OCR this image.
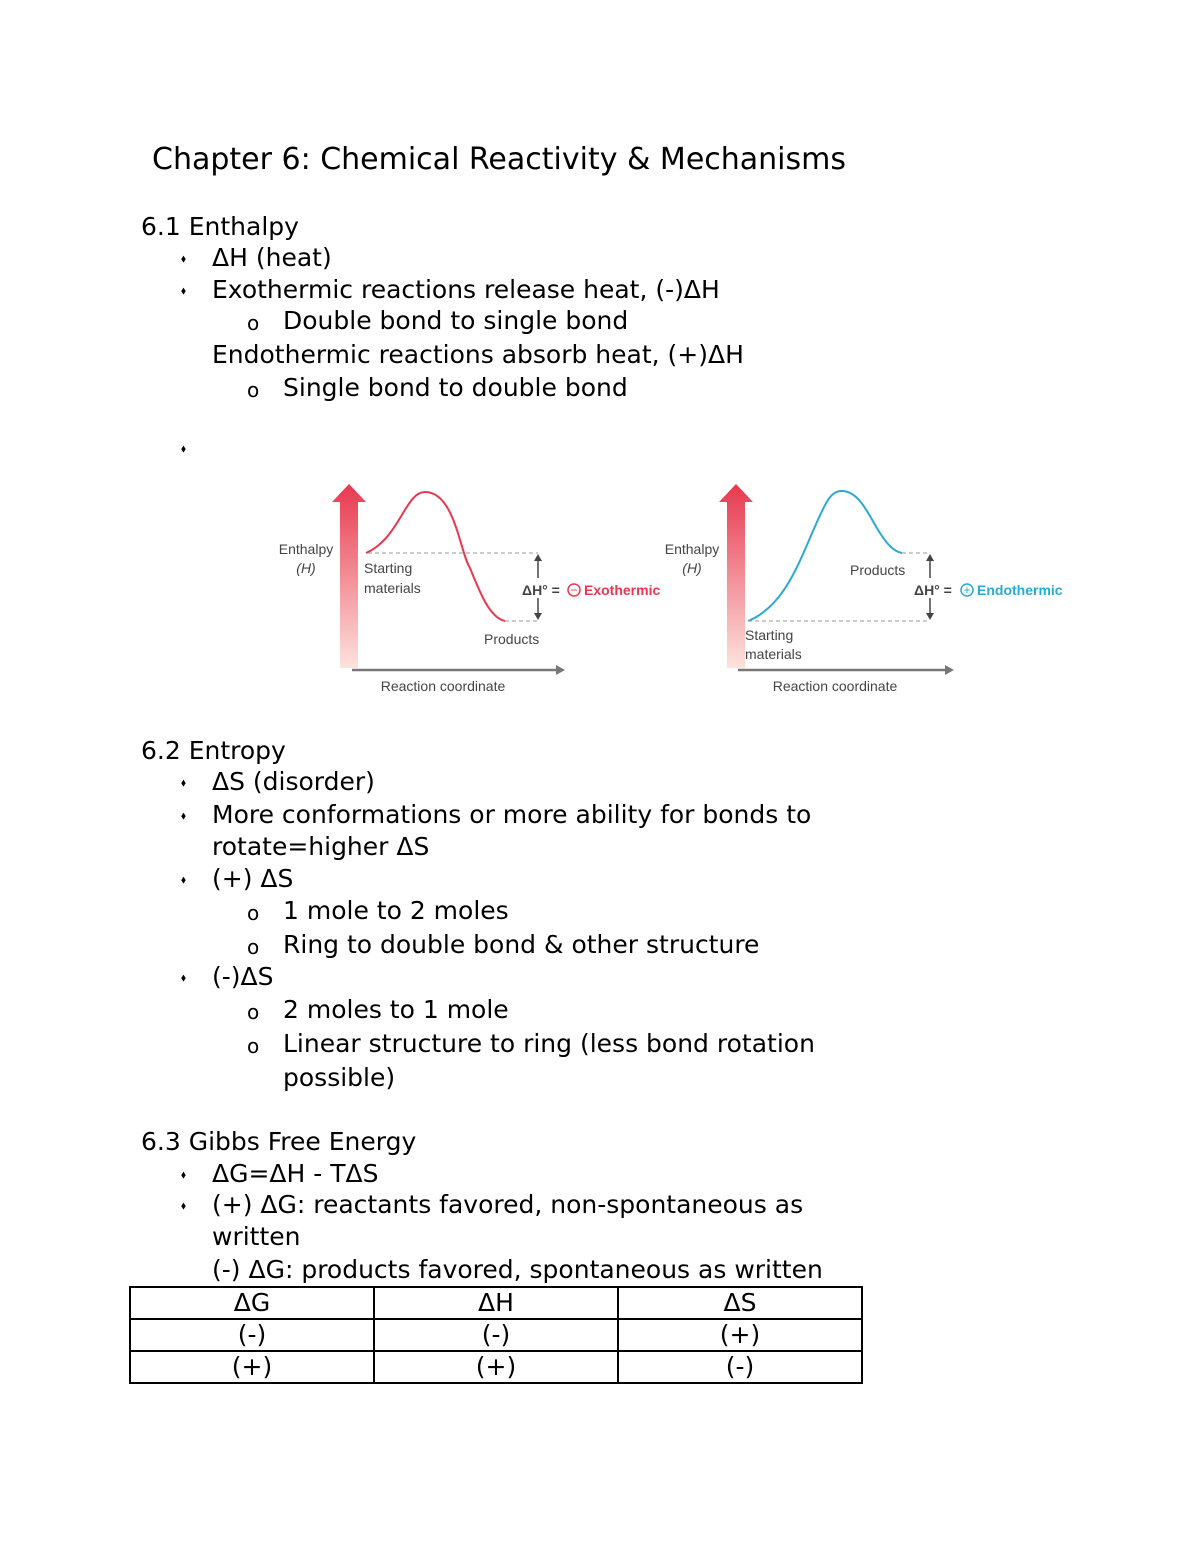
Chapter 6: Chemical Reactivity & Mechanisms
6.1 Enthalpy
⬧ ΔH (heat)
⬧ Exothermic reactions release heat, (-)ΔH
o Double bond to single bond
Endothermic reactions absorb heat, (+)ΔH
o Single bond to double bond
⬧
Enthalpy
(H)	Starting
materials
Products
ΔH° = − Exothermic
Reaction coordinate
Enthalpy
(H)	Products
Starting
materials
ΔH° = + Endothermic
Reaction coordinate
6.2 Entropy
⬧ ΔS (disorder)
⬧ More conformations or more ability for bonds to
rotate=higher ΔS
⬧ (+) ΔS
o 1 mole to 2 moles
o Ring to double bond & other structure
⬧ (-)ΔS
o 2 moles to 1 mole
o Linear structure to ring (less bond rotation
possible)
6.3 Gibbs Free Energy
⬧ ΔG=ΔH - TΔS
⬧ (+) ΔG: reactants favored, non-spontaneous as
written
(-) ΔG: products favored, spontaneous as written
ΔG	ΔH	ΔS
(-)	(-)	(+)
(+)	(+)	(-)
